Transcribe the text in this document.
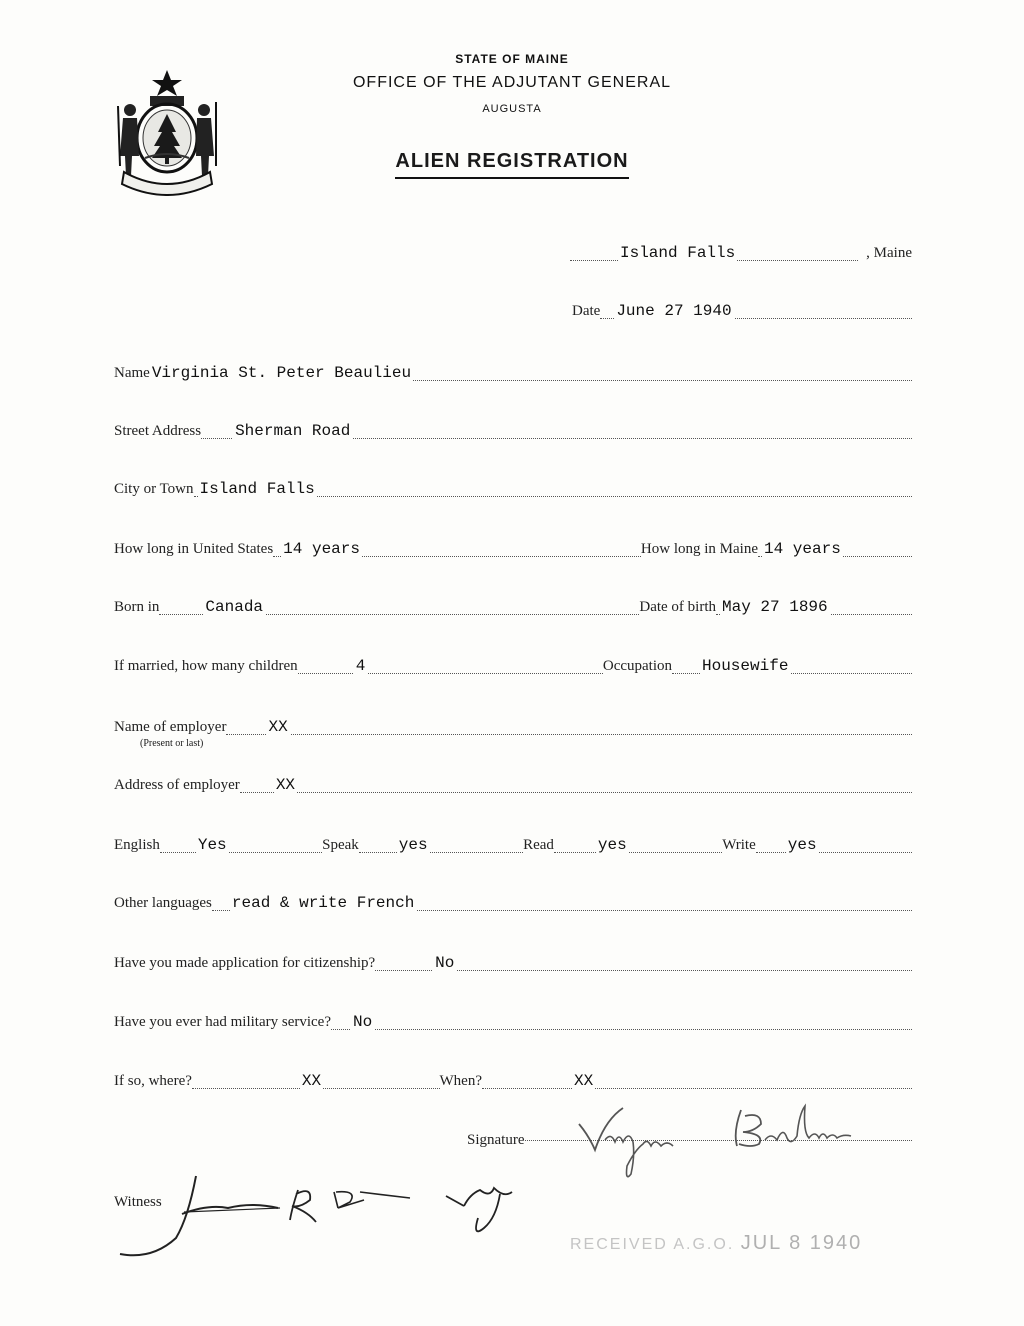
STATE OF MAINE
OFFICE OF THE ADJUTANT GENERAL
AUGUSTA
ALIEN REGISTRATION
Island Falls	, Maine
Date June 27 1940
Name Virginia St. Peter Beaulieu
Street Address Sherman Road
City or Town Island Falls
How long in United States 14 years	How long in Maine 14 years
Born in	Canada	Date of birth May 27 1896
If married, how many children	4	Occupation Housewife
Name of employer	XX
(Present or last)
Address of employer XX
English Yes	Speak	yes	Read	yes	Write yes
Other languages read & write French
Have you made application for citizenship?	No
Have you ever had military service? No
If so, where?	XX	When?	XX
Signature
Witness
RECEIVED A.G.O. JUL 8 1940
